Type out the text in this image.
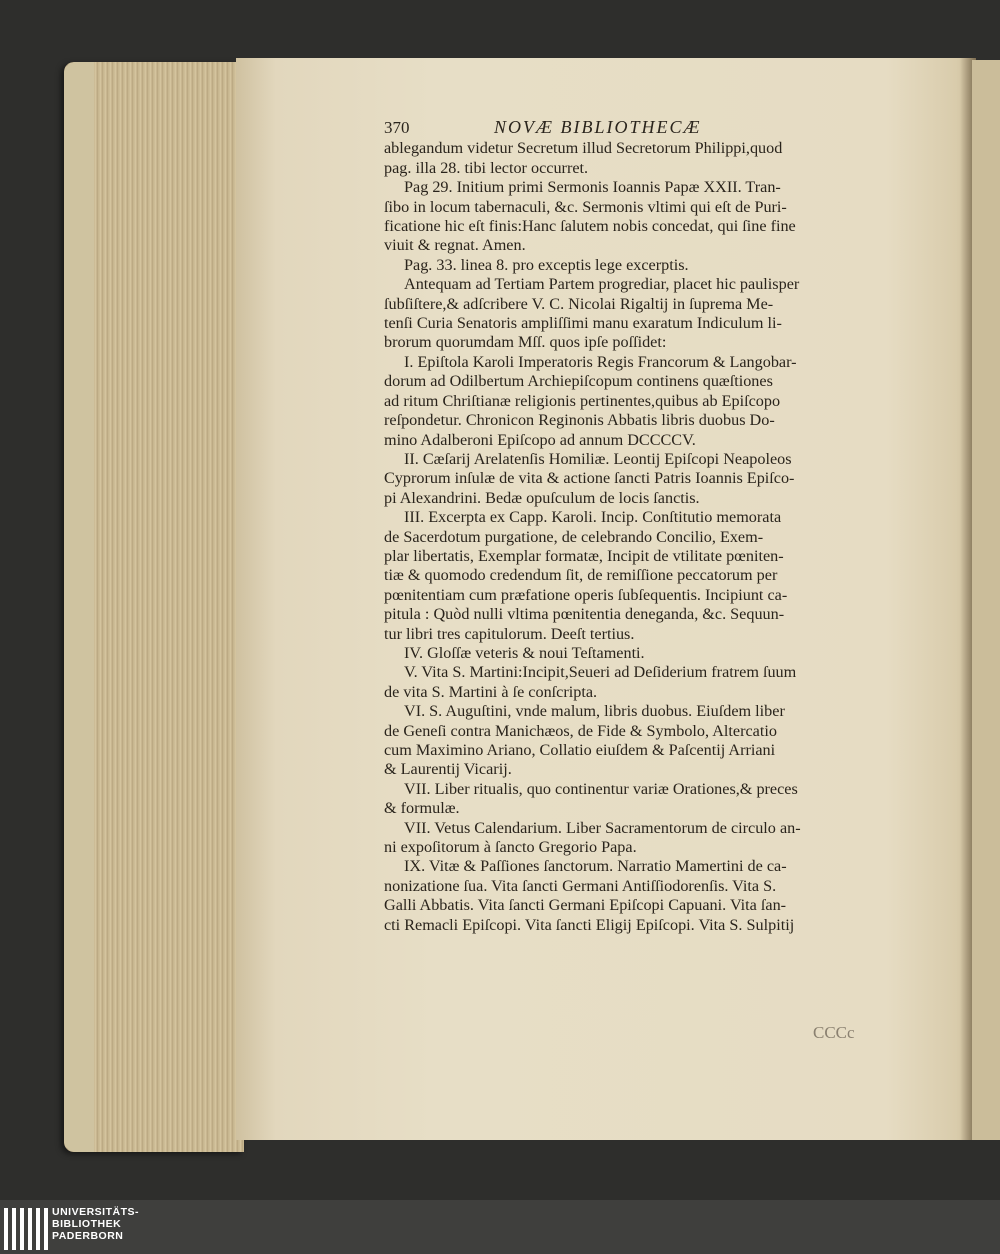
370	NOVÆ BIBLIOTHECÆ
ablegandum videtur Secretum illud Secretorum Philippi,quod
pag. illa 28. tibi lector occurret.
Pag 29. Initium primi Sermonis Ioannis Papæ XXII. Tran-
ſibo in locum tabernaculi, &c. Sermonis vltimi qui eſt de Puri-
ficatione hic eſt finis:Hanc ſalutem nobis concedat, qui ſine fine
viuit & regnat. Amen.
Pag. 33. linea 8. pro exceptis lege excerptis.
Antequam ad Tertiam Partem progrediar, placet hic paulisper
ſubſiſtere,& adſcribere V. C. Nicolai Rigaltij in ſuprema Me-
tenſi Curia Senatoris ampliſſimi manu exaratum Indiculum li-
brorum quorumdam Mſſ. quos ipſe poſſidet:
I. Epiſtola Karoli Imperatoris Regis Francorum & Langobar-
dorum ad Odilbertum Archiepiſcopum continens quæſtiones
ad ritum Chriſtianæ religionis pertinentes,quibus ab Epiſcopo
reſpondetur. Chronicon Reginonis Abbatis libris duobus Do-
mino Adalberoni Epiſcopo ad annum DCCCCV.
II. Cæſarij Arelatenſis Homiliæ. Leontij Epiſcopi Neapoleos
Cyprorum inſulæ de vita & actione ſancti Patris Ioannis Epiſco-
pi Alexandrini. Bedæ opuſculum de locis ſanctis.
III. Excerpta ex Capp. Karoli. Incip. Conſtitutio memorata
de Sacerdotum purgatione, de celebrando Concilio, Exem-
plar libertatis, Exemplar formatæ, Incipit de vtilitate pœniten-
tiæ & quomodo credendum ſit, de remiſſione peccatorum per
pœnitentiam cum præfatione operis ſubſequentis. Incipiunt ca-
pitula : Quòd nulli vltima pœnitentia deneganda, &c. Sequun-
tur libri tres capitulorum. Deeſt tertius.
IV. Gloſſæ veteris & noui Teſtamenti.
V. Vita S. Martini:Incipit,Seueri ad Deſiderium fratrem ſuum
de vita S. Martini à ſe conſcripta.
VI. S. Auguſtini, vnde malum, libris duobus. Eiuſdem liber
de Geneſi contra Manichæos, de Fide & Symbolo, Altercatio
cum Maximino Ariano, Collatio eiuſdem & Paſcentij Arriani
& Laurentij Vicarij.
VII. Liber ritualis, quo continentur variæ Orationes,& preces
& formulæ.
VII. Vetus Calendarium. Liber Sacramentorum de circulo an-
ni expoſitorum à ſancto Gregorio Papa.
IX. Vitæ & Paſſiones ſanctorum. Narratio Mamertini de ca-
nonizatione ſua. Vita ſancti Germani Antiſſiodorenſis. Vita S.
Galli Abbatis. Vita ſancti Germani Epiſcopi Capuani. Vita ſan-
cti Remacli Epiſcopi. Vita ſancti Eligij Epiſcopi. Vita S. Sulpitij
CCCc
UNIVERSITÄTS-
BIBLIOTHEK
PADERBORN
